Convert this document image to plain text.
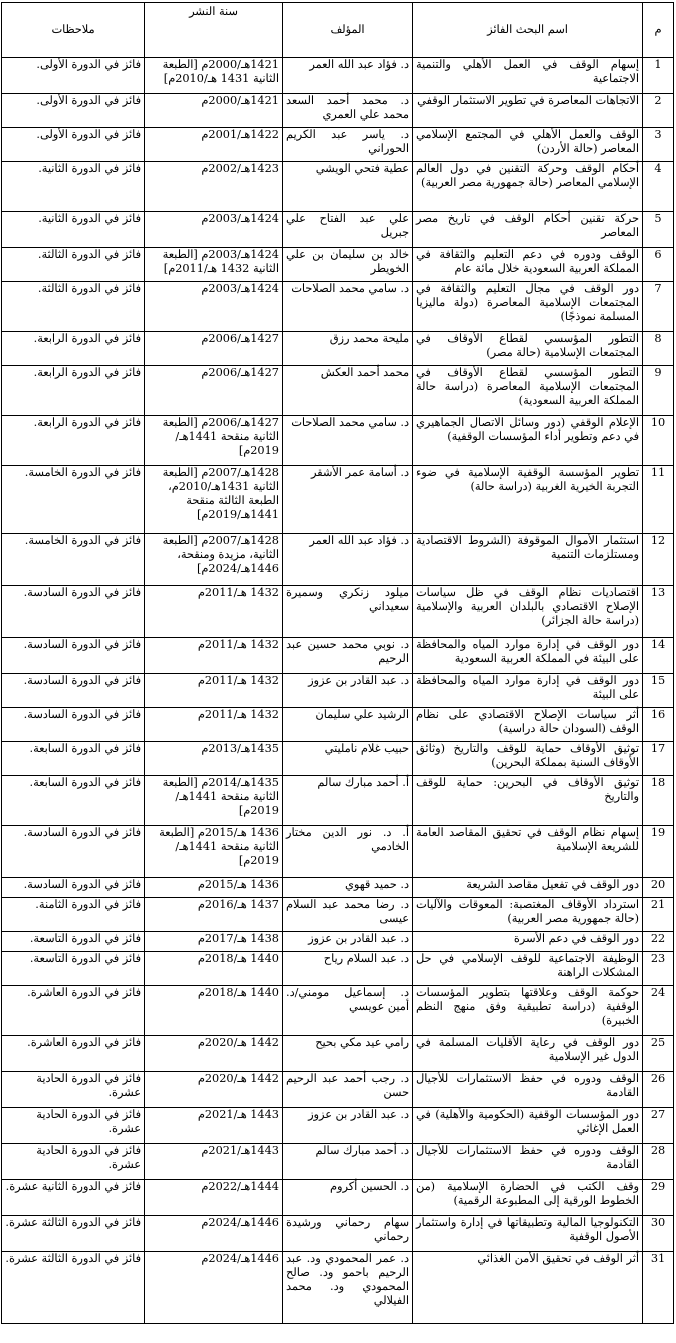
م	اسم البحث الفائز	المؤلف	سنة النشر	ملاحظات
1	إسهام الوقف في العمل الأهلي والتنمية الاجتماعية	د. فؤاد عبد الله العمر	1421هـ/2000م [الطبعة الثانية 1431 هـ/2010م]	فائز في الدورة الأولى.
2	الاتجاهات المعاصرة في تطوير الاستثمار الوقفي	د. محمد أحمد السعد محمد علي العمري	1421هـ/2000م	فائز في الدورة الأولى.
3	الوقف والعمل الأهلي في المجتمع الإسلامي المعاصر (حالة الأردن)	د. ياسر عبد الكريم الحوراني	1422هـ/2001م	فائز في الدورة الأولى.
4	أحكام الوقف وحركة التقنين في دول العالم الإسلامي المعاصر (حالة جمهورية مصر العربية)	عطية فتحي الويشي	1423هـ/2002م	فائز في الدورة الثانية.
5	حركة تقنين أحكام الوقف في تاريخ مصر المعاصر	علي عبد الفتاح علي جبريل	1424هـ/2003م	فائز في الدورة الثانية.
6	الوقف ودوره في دعم التعليم والثقافة في المملكة العربية السعودية خلال مائة عام	خالد بن سليمان بن علي الخويطر	1424هـ/2003م [الطبعة الثانية 1432 هـ/2011م]	فائز في الدورة الثالثة.
7	دور الوقف في مجال التعليم والثقافة في المجتمعات الإسلامية المعاصرة (دولة ماليزيا المسلمة نموذجًا)	د. سامي محمد الصلاحات	1424هـ/2003م	فائز في الدورة الثالثة.
8	التطور المؤسسي لقطاع الأوقاف في المجتمعات الإسلامية (حالة مصر)	مليحة محمد رزق	1427هـ/2006م	فائز في الدورة الرابعة.
9	التطور المؤسسي لقطاع الأوقاف في المجتمعات الإسلامية المعاصرة (دراسة حالة المملكة العربية السعودية)	محمد أحمد العكش	1427هـ/2006م	فائز في الدورة الرابعة.
10	الإعلام الوقفي (دور وسائل الاتصال الجماهيري في دعم وتطوير أداء المؤسسات الوقفية)	د. سامي محمد الصلاحات	1427هـ/2006م [الطبعة الثانية منقحة 1441هـ/ 2019م]	فائز في الدورة الرابعة.
11	تطوير المؤسسة الوقفية الإسلامية في ضوء التجربة الخيرية الغربية (دراسة حالة)	د. أسامة عمر الأشقر	1428هـ/2007م [الطبعة الثانية 1431هـ/2010م، الطبعة الثالثة منقحة 1441هـ/2019م]	فائز في الدورة الخامسة.
12	استثمار الأموال الموقوفة (الشروط الاقتصادية ومستلزمات التنمية	د. فؤاد عبد الله العمر	1428هـ/2007م [الطبعة الثانية، مزيدة ومنقحة، 1446هـ/2024م]	فائز في الدورة الخامسة.
13	اقتصاديات نظام الوقف في ظل سياسات الإصلاح الاقتصادي بالبلدان العربية والإسلامية (دراسة حالة الجزائر)	ميلود زنكري وسميرة سعيداني	1432 هـ/2011م	فائز في الدورة السادسة.
14	دور الوقف في إدارة موارد المياه والمحافظة على البيئة في المملكة العربية السعودية	د. نوبي محمد حسين عبد الرحيم	1432 هـ/2011م	فائز في الدورة السادسة.
15	دور الوقف في إدارة موارد المياه والمحافظة على البيئة	د. عبد القادر بن عزوز	1432 هـ/2011م	فائز في الدورة السادسة.
16	أثر سياسات الإصلاح الاقتصادي على نظام الوقف (السودان حالة دراسية)	الرشيد علي سليمان	1432 هـ/2011م	فائز في الدورة السادسة.
17	توثيق الأوقاف حماية للوقف والتاريخ (وثائق الأوقاف السنية بمملكة البحرين)	حبيب غلام نامليتي	1435هـ/2013م	فائز في الدورة السابعة.
18	توثيق الأوقاف في البحرين: حماية للوقف والتاريخ	أ. أحمد مبارك سالم	1435هـ/2014م [الطبعة الثانية منقحة 1441هـ/ 2019م]	فائز في الدورة السابعة.
19	إسهام نظام الوقف في تحقيق المقاصد العامة للشريعة الإسلامية	أ. د. نور الدين مختار الخادمي	1436 هـ/2015م [الطبعة الثانية منقحة 1441هـ/ 2019م]	فائز في الدورة السادسة.
20	دور الوقف في تفعيل مقاصد الشريعة	د. حميد قهوي	1436 هـ/2015م	فائز في الدورة السادسة.
21	استرداد الأوقاف المغتصبة: المعوقات والآليات (حالة جمهورية مصر العربية)	د. رضا محمد عبد السلام عيسى	1437 هـ/2016م	فائز في الدورة الثامنة.
22	دور الوقف في دعم الأسرة	د. عبد القادر بن عزوز	1438 هـ/2017م	فائز في الدورة التاسعة.
23	الوظيفة الاجتماعية للوقف الإسلامي في حل المشكلات الراهنة	د. عبد السلام رياح	1440 هـ/2018م	فائز في الدورة التاسعة.
24	حوكمة الوقف وعلاقتها بتطوير المؤسسات الوقفية (دراسة تطبيقية وفق منهج النظم الخبيرة)	د. إسماعيل مومني/د. أمين عويسي	1440 هـ/2018م	فائز في الدورة العاشرة.
25	دور الوقف في رعاية الأقليات المسلمة في الدول غير الإسلامية	رامي عيد مكي بحيح	1442 هـ/2020م	فائز في الدورة العاشرة.
26	الوقف ودوره في حفظ الاستثمارات للأجيال القادمة	د. رجب أحمد عبد الرحيم حسن	1442 هـ/2020م	فائز في الدورة الحادية عشرة.
27	دور المؤسسات الوقفية (الحكومية والأهلية) في العمل الإغاثي	د. عبد القادر بن عزوز	1443 هـ/2021م	فائز في الدورة الحادية عشرة.
28	الوقف ودوره في حفظ الاستثمارات للأجيال القادمة	د. أحمد مبارك سالم	1443هـ/2021م	فائز في الدورة الحادية عشرة.
29	وقف الكتب في الحضارة الإسلامية (من الخطوط الورقية إلى المطبوعة الرقمية)	د. الحسين أكروم	1444هـ/2022م	فائز في الدورة الثانية عشرة.
30	التكنولوجيا المالية وتطبيقاتها في إدارة واستثمار الأصول الوقفية	سهام رحماني ورشيدة رحماني	1446هـ/2024م	فائز في الدورة الثالثة عشرة.
31	أثر الوقف في تحقيق الأمن الغذائي	د. عمر المحمودي ود. عبد الرحيم باحمو ود. صالح المحمودي ود. محمد الفيلالي	1446هـ/2024م	فائز في الدورة الثالثة عشرة.
